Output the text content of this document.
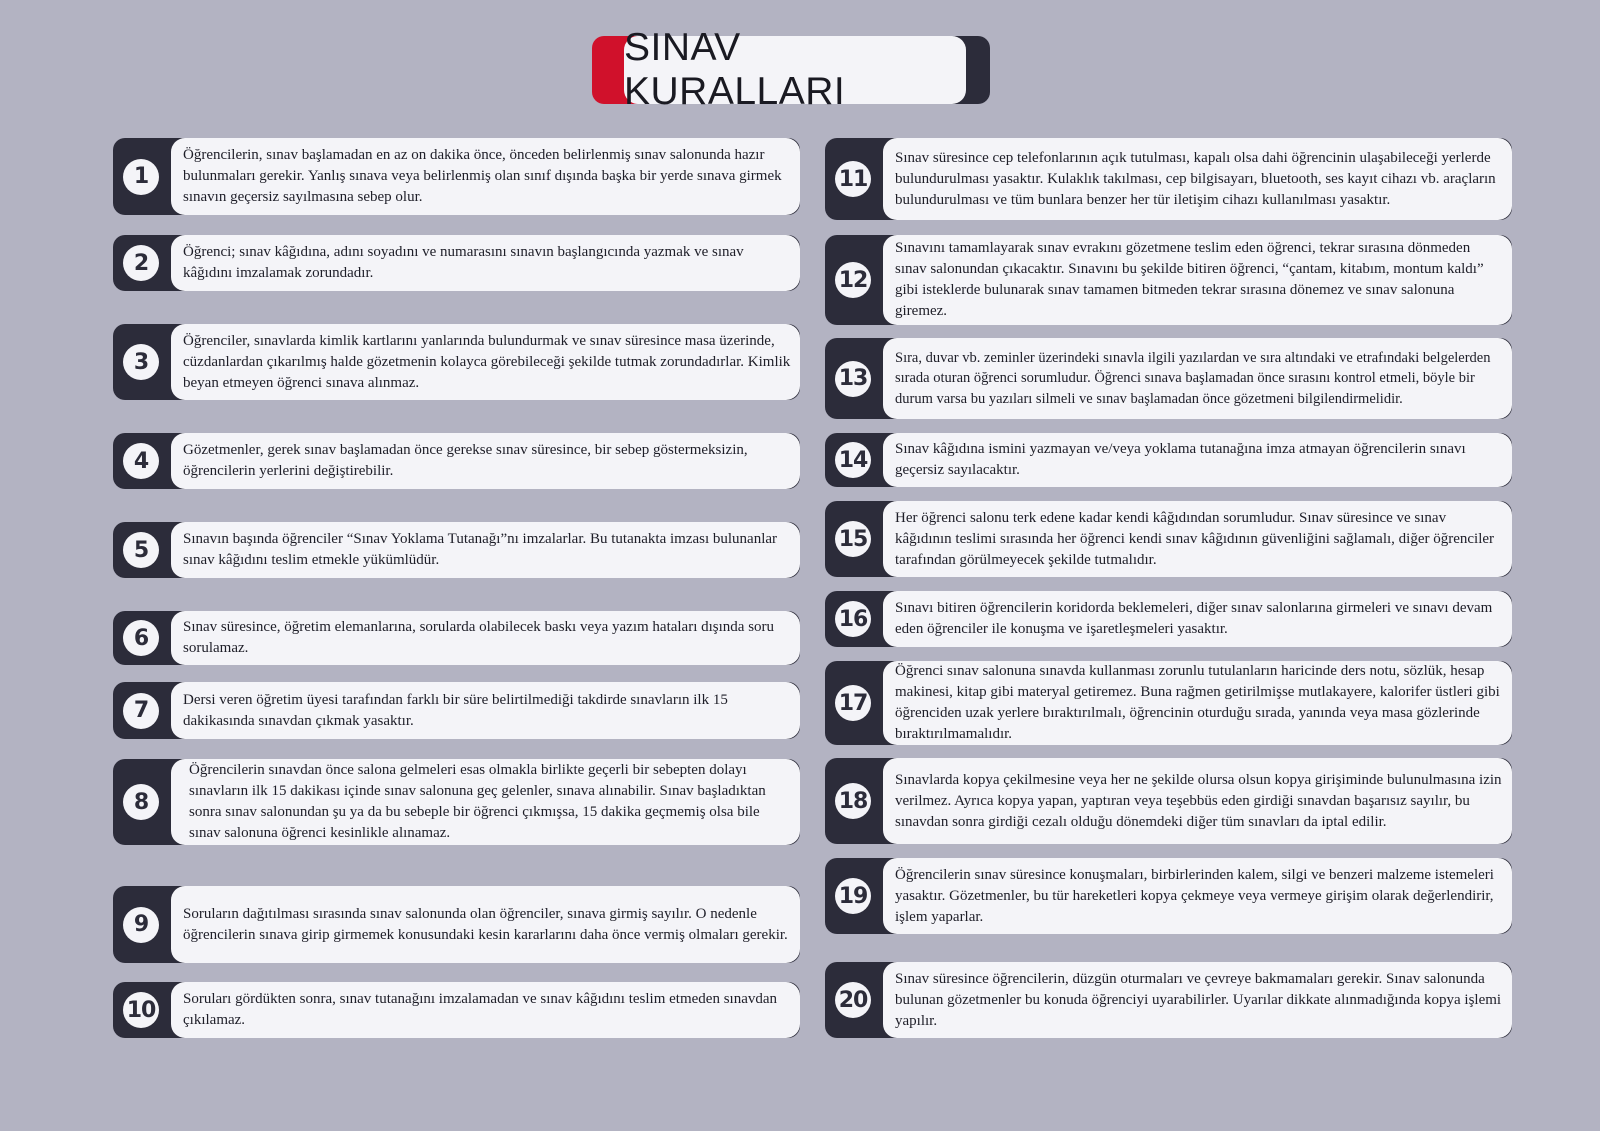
SINAV KURALLARI
1
Öğrencilerin, sınav başlamadan en az on dakika önce, önceden belirlenmiş sınav salonunda hazır bulunmaları gerekir. Yanlış sınava veya belirlenmiş olan sınıf dışında başka bir yerde sınava girmek sınavın geçersiz sayılmasına sebep olur.
2	Öğrenci; sınav kâğıdına, adını soyadını ve numarasını sınavın başlangıcında yazmak ve sınav kâğıdını imzalamak zorundadır.
3
Öğrenciler, sınavlarda kimlik kartlarını yanlarında bulundurmak ve sınav süresince masa üzerinde, cüzdanlardan çıkarılmış halde gözetmenin kolayca görebileceği şekilde tutmak zorundadırlar. Kimlik beyan etmeyen öğrenci sınava alınmaz.
4	Gözetmenler, gerek sınav başlamadan önce gerekse sınav süresince, bir sebep göstermeksizin, öğrencilerin yerlerini değiştirebilir.
5	Sınavın başında öğrenciler “Sınav Yoklama Tutanağı”nı imzalarlar. Bu tutanakta imzası bulunanlar sınav kâğıdını teslim etmekle yükümlüdür.
6	Sınav süresince, öğretim elemanlarına, sorularda olabilecek baskı veya yazım hataları dışında soru sorulamaz.
7	Dersi veren öğretim üyesi tarafından farklı bir süre belirtilmediği takdirde sınavların ilk 15 dakikasında sınavdan çıkmak yasaktır.
8
Öğrencilerin sınavdan önce salona gelmeleri esas olmakla birlikte geçerli bir sebepten dolayı sınavların ilk 15 dakikası içinde sınav salonuna geç gelenler, sınava alınabilir. Sınav başladıktan sonra sınav salonundan şu ya da bu sebeple bir öğrenci çıkmışsa, 15 dakika geçmemiş olsa bile sınav salonuna öğrenci kesinlikle alınamaz.
9	Soruların dağıtılması sırasında sınav salonunda olan öğrenciler, sınava girmiş sayılır. O nedenle öğrencilerin sınava girip girmemek konusundaki kesin kararlarını daha önce vermiş olmaları gerekir.
10 Soruları gördükten sonra, sınav tutanağını imzalamadan ve sınav kâğıdını teslim etmeden sınavdan çıkılamaz.
11
Sınav süresince cep telefonlarının açık tutulması, kapalı olsa dahi öğrencinin ulaşabileceği yerlerde bulundurulması yasaktır. Kulaklık takılması, cep bilgisayarı, bluetooth, ses kayıt cihazı vb. araçların bulundurulması ve tüm bunlara benzer her tür iletişim cihazı kullanılması yasaktır.
12
Sınavını tamamlayarak sınav evrakını gözetmene teslim eden öğrenci, tekrar sırasına dönmeden sınav salonundan çıkacaktır. Sınavını bu şekilde bitiren öğrenci, “çantam, kitabım, montum kaldı” gibi isteklerde bulunarak sınav tamamen bitmeden tekrar sırasına dönemez ve sınav salonuna giremez.
13
Sıra, duvar vb. zeminler üzerindeki sınavla ilgili yazılardan ve sıra altındaki ve etrafındaki belgelerden sırada oturan öğrenci sorumludur. Öğrenci sınava başlamadan önce sırasını kontrol etmeli, böyle bir durum varsa bu yazıları silmeli ve sınav başlamadan önce gözetmeni bilgilendirmelidir.
14 Sınav kâğıdına ismini yazmayan ve/veya yoklama tutanağına imza atmayan öğrencilerin sınavı geçersiz sayılacaktır.
15
Her öğrenci salonu terk edene kadar kendi kâğıdından sorumludur. Sınav süresince ve sınav kâğıdının teslimi sırasında her öğrenci kendi sınav kâğıdının güvenliğini sağlamalı, diğer öğrenciler tarafından görülmeyecek şekilde tutmalıdır.
16 Sınavı bitiren öğrencilerin koridorda beklemeleri, diğer sınav salonlarına girmeleri ve sınavı devam eden öğrenciler ile konuşma ve işaretleşmeleri yasaktır.
17
Öğrenci sınav salonuna sınavda kullanması zorunlu tutulanların haricinde ders notu, sözlük, hesap makinesi, kitap gibi materyal getiremez. Buna rağmen getirilmişse mutlakayere, kalorifer üstleri gibi öğrenciden uzak yerlere bıraktırılmalı, öğrencinin oturduğu sırada, yanında veya masa gözlerinde bıraktırılmamalıdır.
18
Sınavlarda kopya çekilmesine veya her ne şekilde olursa olsun kopya girişiminde bulunulmasına izin verilmez. Ayrıca kopya yapan, yaptıran veya teşebbüs eden girdiği sınavdan başarısız sayılır, bu sınavdan sonra girdiği cezalı olduğu dönemdeki diğer tüm sınavları da iptal edilir.
19
Öğrencilerin sınav süresince konuşmaları, birbirlerinden kalem, silgi ve benzeri malzeme istemeleri yasaktır. Gözetmenler, bu tür hareketleri kopya çekmeye veya vermeye girişim olarak değerlendirir, işlem yaparlar.
20
Sınav süresince öğrencilerin, düzgün oturmaları ve çevreye bakmamaları gerekir. Sınav salonunda bulunan gözetmenler bu konuda öğrenciyi uyarabilirler. Uyarılar dikkate alınmadığında kopya işlemi yapılır.
